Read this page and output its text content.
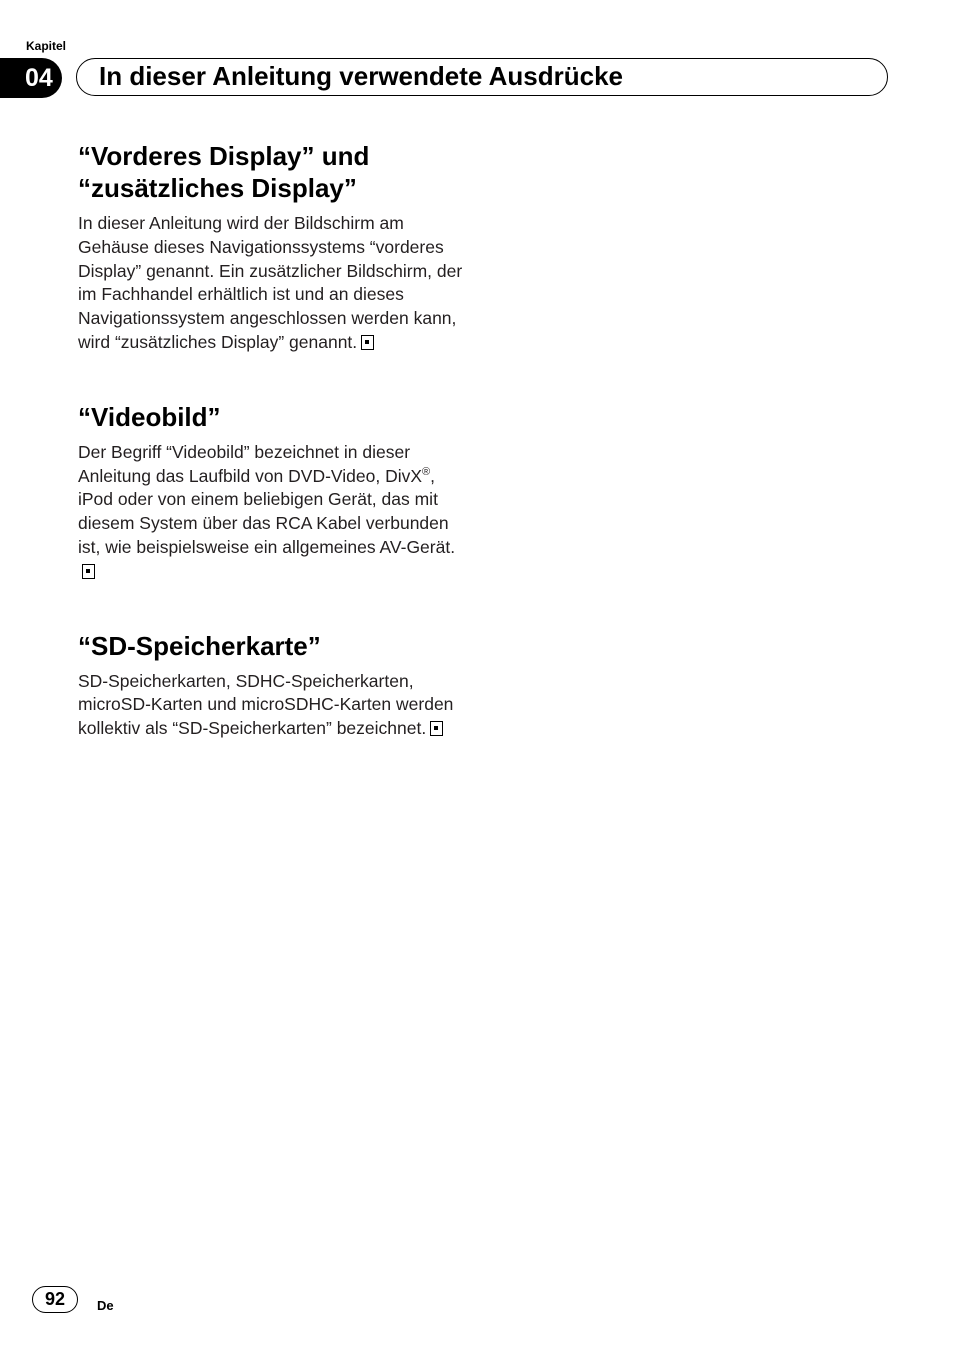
Kapitel
04	In dieser Anleitung verwendete Ausdrücke
“Vorderes Display” und
“zusätzliches Display”

In dieser Anleitung wird der Bildschirm am Gehäuse dieses Navigationssystems “vorderes Display” genannt. Ein zusätzlicher Bildschirm, der im Fachhandel erhältlich ist und an dieses Navigationssystem angeschlossen werden kann, wird “zusätzliches Display” genannt.

“Videobild”

Der Begriff “Videobild” bezeichnet in dieser Anleitung das Laufbild von DVD-Video, DivX®, iPod oder von einem beliebigen Gerät, das mit diesem System über das RCA Kabel verbunden ist, wie beispielsweise ein allgemeines AV-Gerät.

“SD-Speicherkarte”

SD-Speicherkarten, SDHC-Speicherkarten, microSD-Karten und microSDHC-Karten werden kollektiv als “SD-Speicherkarten” bezeichnet.

92	De
